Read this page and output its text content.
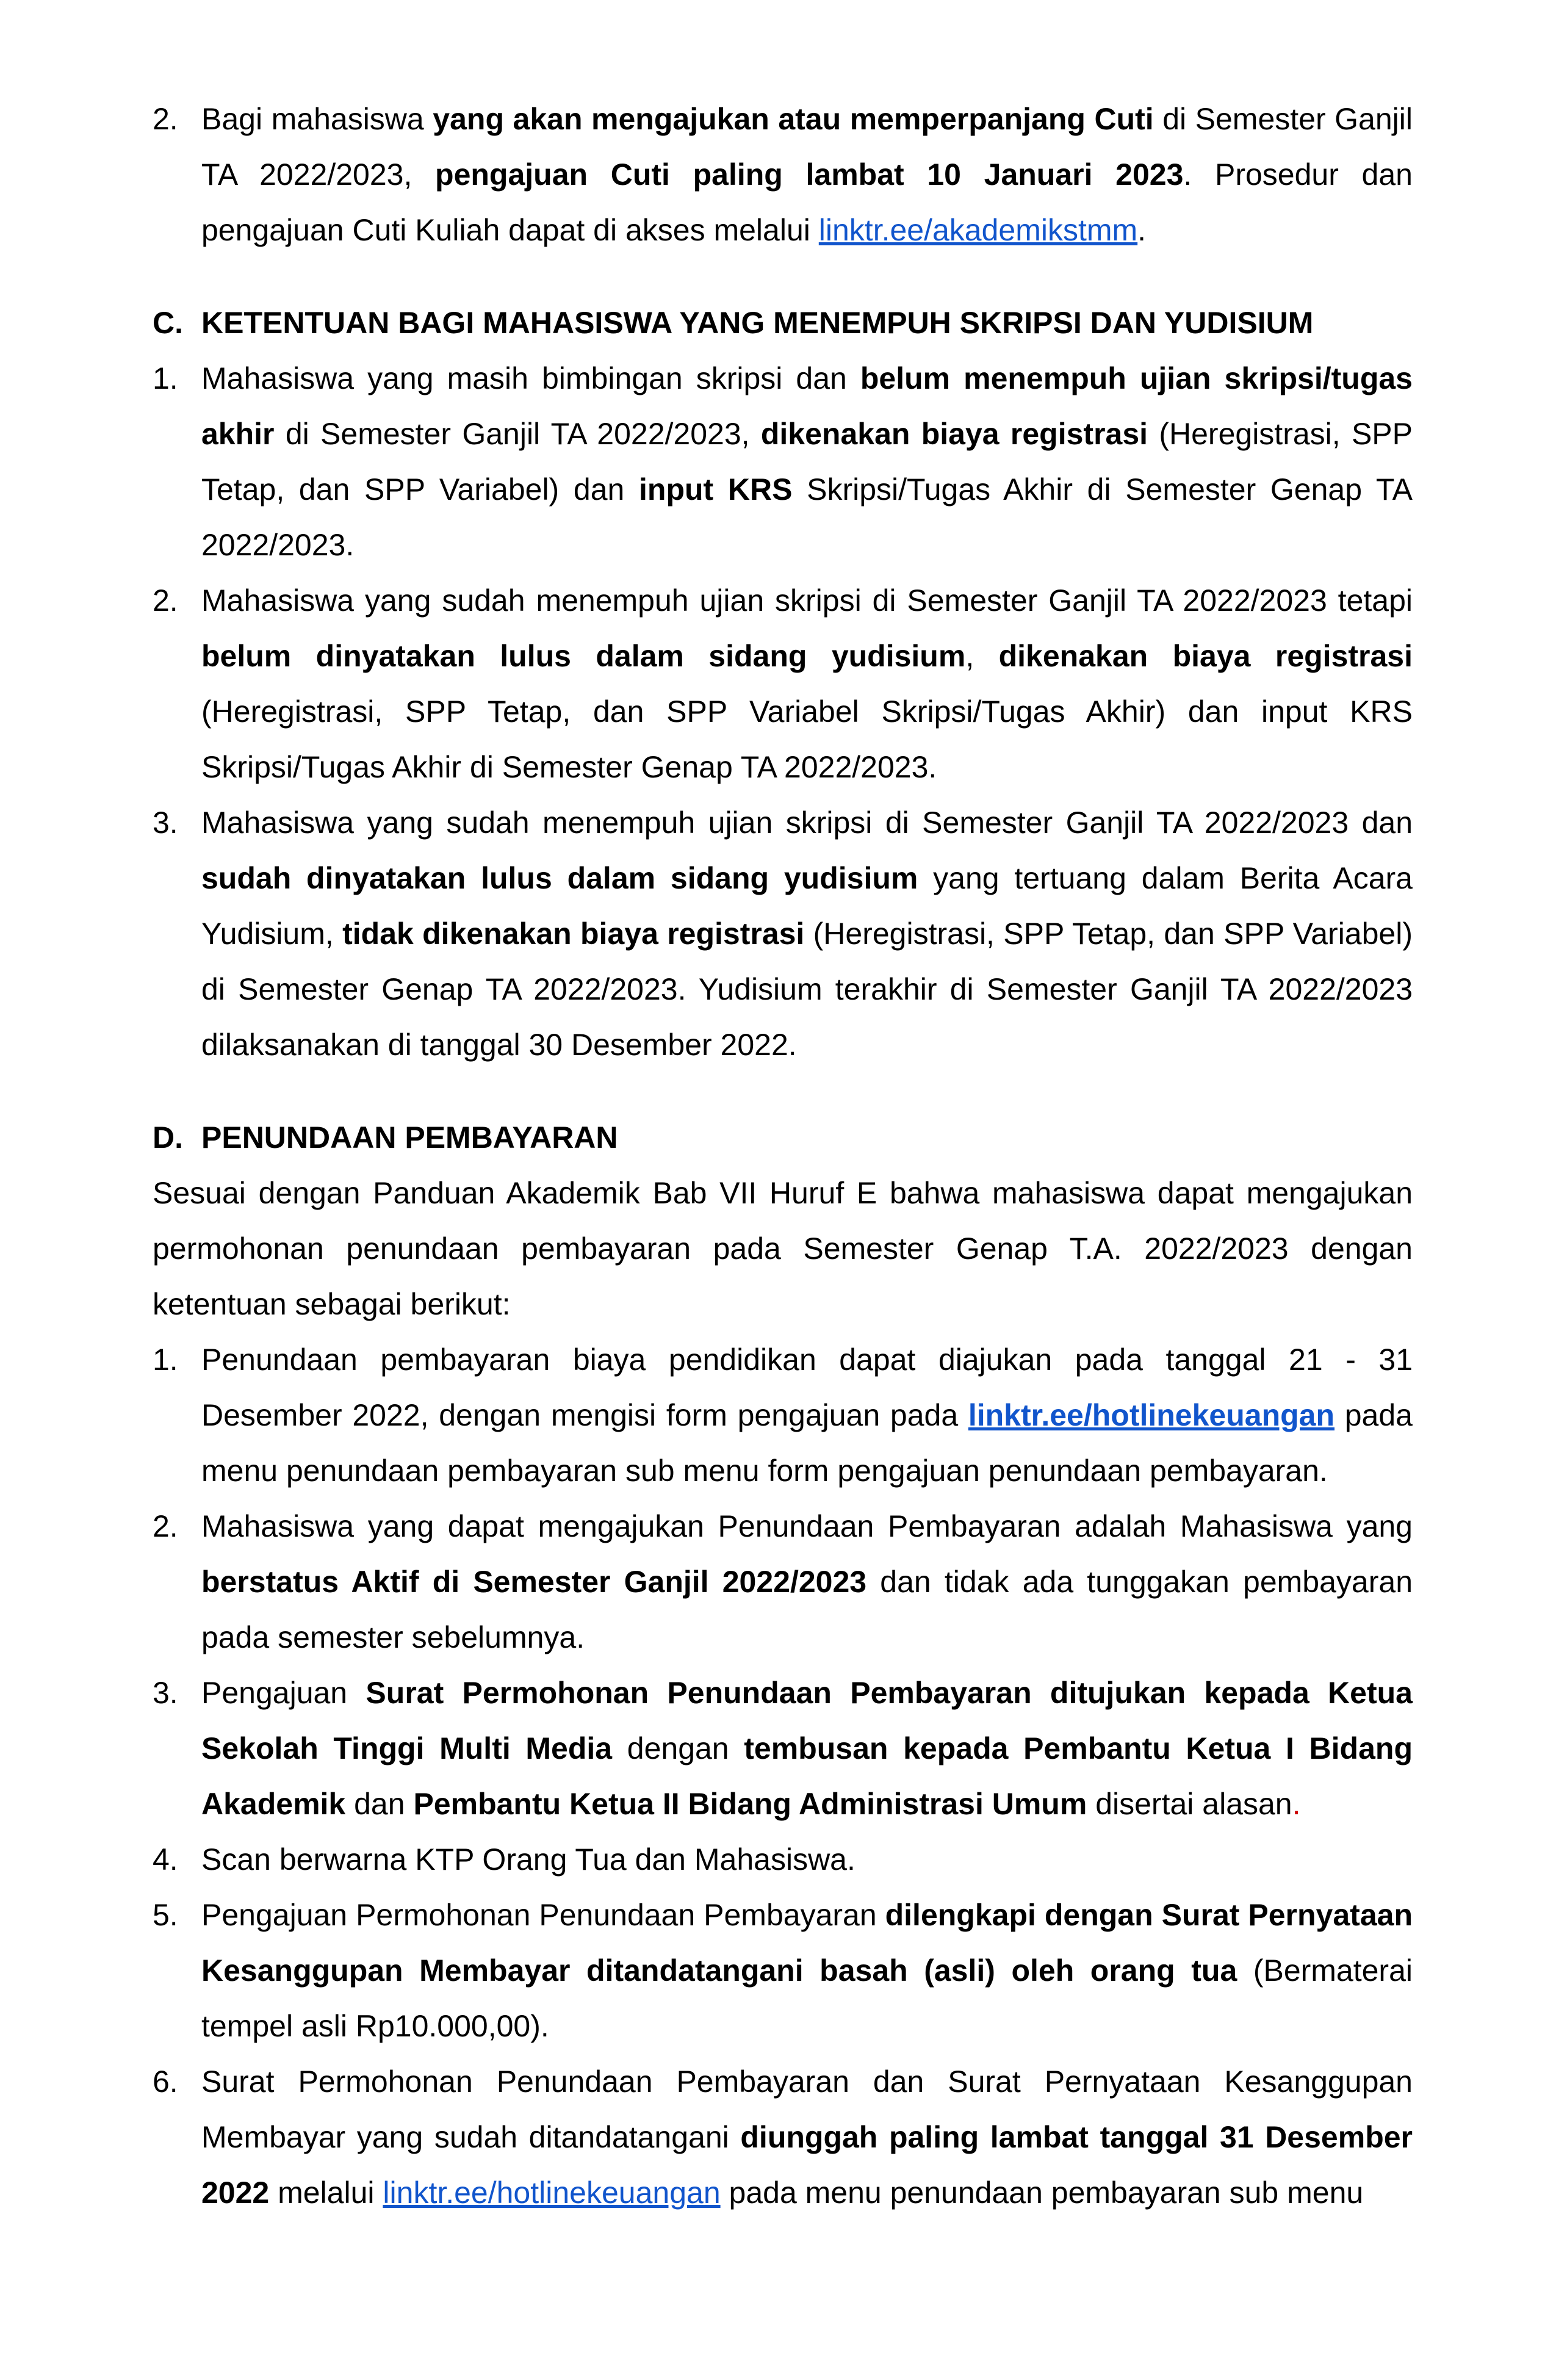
2. Bagi mahasiswa yang akan mengajukan atau memperpanjang Cuti di Semester Ganjil TA 2022/2023, pengajuan Cuti paling lambat 10 Januari 2023. Prosedur dan pengajuan Cuti Kuliah dapat di akses melalui linktr.ee/akademikstmm.
C. KETENTUAN BAGI MAHASISWA YANG MENEMPUH SKRIPSI DAN YUDISIUM
1. Mahasiswa yang masih bimbingan skripsi dan belum menempuh ujian skripsi/tugas akhir di Semester Ganjil TA 2022/2023, dikenakan biaya registrasi (Heregistrasi, SPP Tetap, dan SPP Variabel) dan input KRS Skripsi/Tugas Akhir di Semester Genap TA 2022/2023.
2. Mahasiswa yang sudah menempuh ujian skripsi di Semester Ganjil TA 2022/2023 tetapi belum dinyatakan lulus dalam sidang yudisium, dikenakan biaya registrasi (Heregistrasi, SPP Tetap, dan SPP Variabel Skripsi/Tugas Akhir) dan input KRS Skripsi/Tugas Akhir di Semester Genap TA 2022/2023.
3. Mahasiswa yang sudah menempuh ujian skripsi di Semester Ganjil TA 2022/2023 dan sudah dinyatakan lulus dalam sidang yudisium yang tertuang dalam Berita Acara Yudisium, tidak dikenakan biaya registrasi (Heregistrasi, SPP Tetap, dan SPP Variabel) di Semester Genap TA 2022/2023. Yudisium terakhir di Semester Ganjil TA 2022/2023 dilaksanakan di tanggal 30 Desember 2022.
D. PENUNDAAN PEMBAYARAN
Sesuai dengan Panduan Akademik Bab VII Huruf E bahwa mahasiswa dapat mengajukan permohonan penundaan pembayaran pada Semester Genap T.A. 2022/2023 dengan ketentuan sebagai berikut:
1. Penundaan pembayaran biaya pendidikan dapat diajukan pada tanggal 21 - 31 Desember 2022, dengan mengisi form pengajuan pada linktr.ee/hotlinekeuangan pada menu penundaan pembayaran sub menu form pengajuan penundaan pembayaran.
2. Mahasiswa yang dapat mengajukan Penundaan Pembayaran adalah Mahasiswa yang berstatus Aktif di Semester Ganjil 2022/2023 dan tidak ada tunggakan pembayaran pada semester sebelumnya.
3. Pengajuan Surat Permohonan Penundaan Pembayaran ditujukan kepada Ketua Sekolah Tinggi Multi Media dengan tembusan kepada Pembantu Ketua I Bidang Akademik dan Pembantu Ketua II Bidang Administrasi Umum disertai alasan.
4. Scan berwarna KTP Orang Tua dan Mahasiswa.
5. Pengajuan Permohonan Penundaan Pembayaran dilengkapi dengan Surat Pernyataan Kesanggupan Membayar ditandatangani basah (asli) oleh orang tua (Bermaterai tempel asli Rp10.000,00).
6. Surat Permohonan Penundaan Pembayaran dan Surat Pernyataan Kesanggupan Membayar yang sudah ditandatangani diunggah paling lambat tanggal 31 Desember 2022 melalui linktr.ee/hotlinekeuangan pada menu penundaan pembayaran sub menu
